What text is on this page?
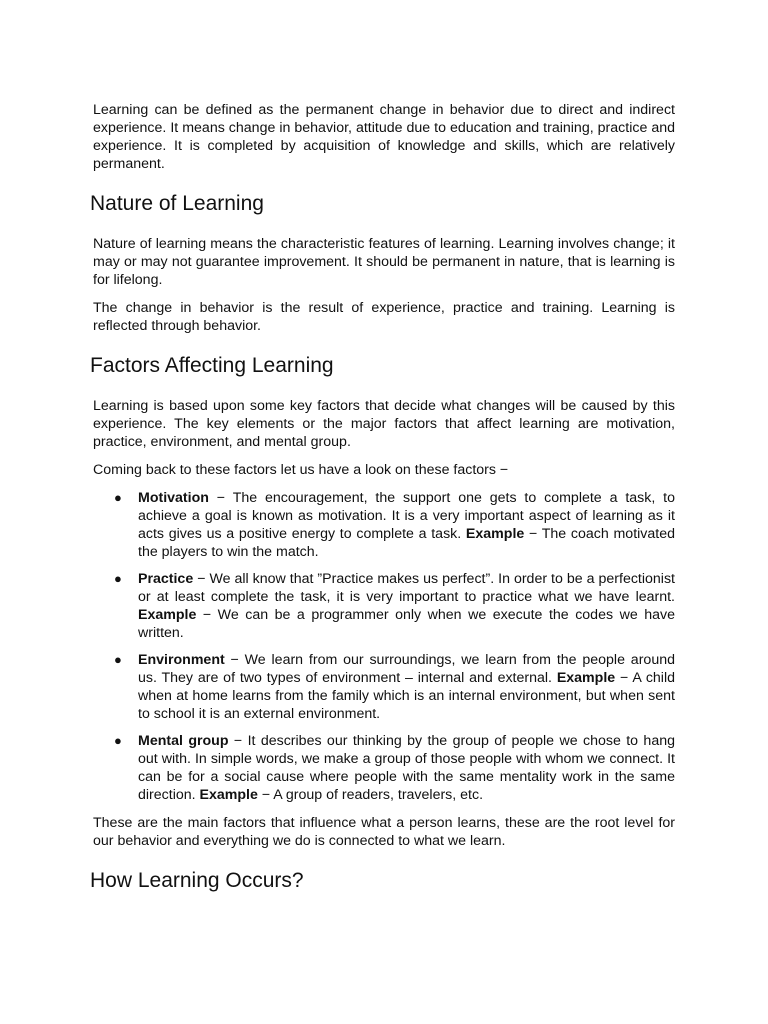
Learning can be defined as the permanent change in behavior due to direct and indirect experience. It means change in behavior, attitude due to education and training, practice and experience. It is completed by acquisition of knowledge and skills, which are relatively permanent.

Nature of Learning

Nature of learning means the characteristic features of learning. Learning involves change; it may or may not guarantee improvement. It should be permanent in nature, that is learning is for lifelong.

The change in behavior is the result of experience, practice and training. Learning is reflected through behavior.

Factors Affecting Learning

Learning is based upon some key factors that decide what changes will be caused by this experience. The key elements or the major factors that affect learning are motivation, practice, environment, and mental group.

Coming back to these factors let us have a look on these factors −

● Motivation − The encouragement, the support one gets to complete a task, to achieve a goal is known as motivation. It is a very important aspect of learning as it acts gives us a positive energy to complete a task. Example − The coach motivated the players to win the match.
● Practice − We all know that ”Practice makes us perfect”. In order to be a perfectionist or at least complete the task, it is very important to practice what we have learnt. Example − We can be a programmer only when we execute the codes we have written.
● Environment − We learn from our surroundings, we learn from the people around us. They are of two types of environment – internal and external. Example − A child when at home learns from the family which is an internal environment, but when sent to school it is an external environment.
● Mental group − It describes our thinking by the group of people we chose to hang out with. In simple words, we make a group of those people with whom we connect. It can be for a social cause where people with the same mentality work in the same direction. Example − A group of readers, travelers, etc.

These are the main factors that influence what a person learns, these are the root level for our behavior and everything we do is connected to what we learn.

How Learning Occurs?
